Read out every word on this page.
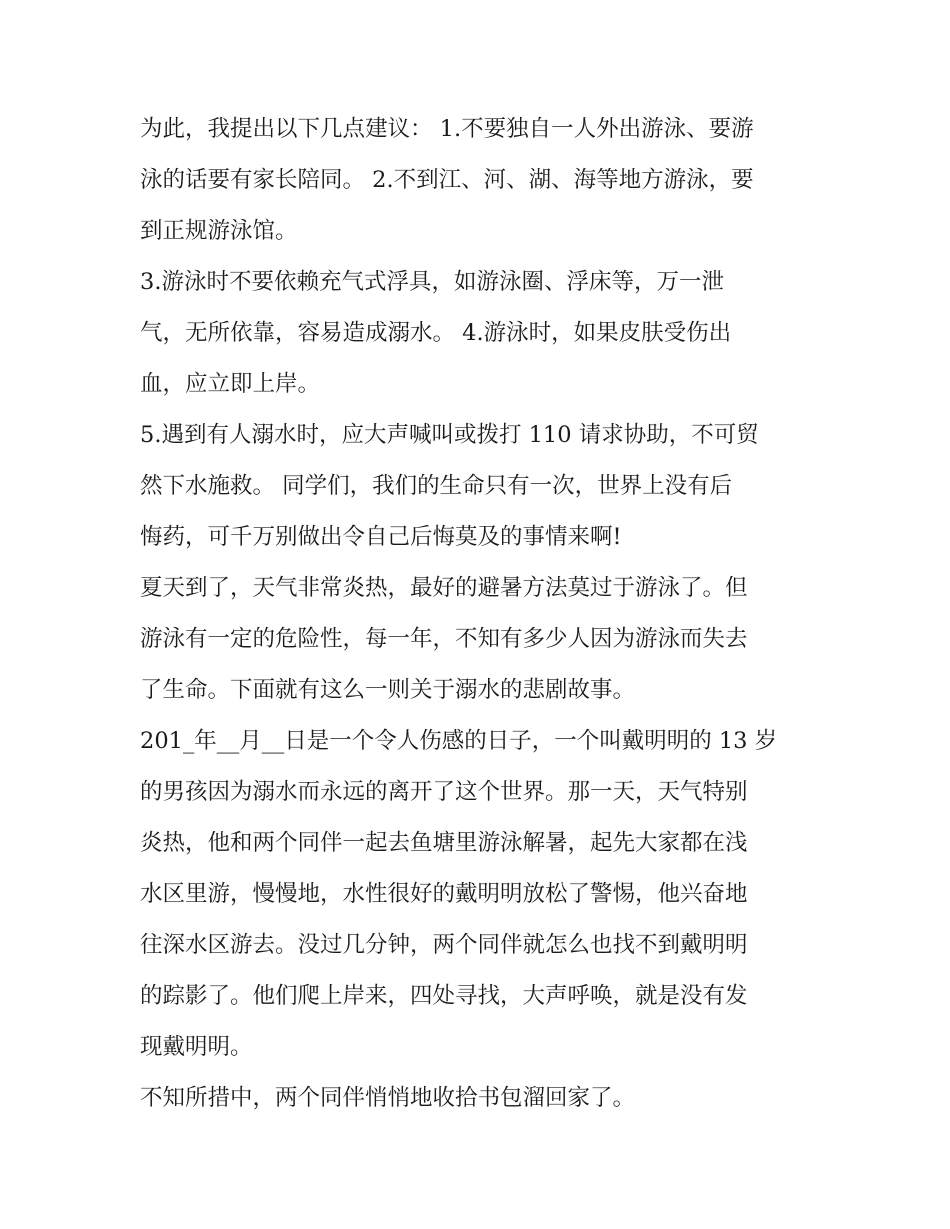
为此，我提出以下几点建议： 1.不要独自一人外出游泳、要游
泳的话要有家长陪同。 2.不到江、河、湖、海等地方游泳，要
到正规游泳馆。
3.游泳时不要依赖充气式浮具，如游泳圈、浮床等，万一泄
气，无所依靠，容易造成溺水。 4.游泳时，如果皮肤受伤出
血，应立即上岸。
5.遇到有人溺水时，应大声喊叫或拨打 110 请求协助，不可贸
然下水施救。 同学们，我们的生命只有一次，世界上没有后
悔药，可千万别做出令自己后悔莫及的事情来啊!
夏天到了，天气非常炎热，最好的避暑方法莫过于游泳了。但
游泳有一定的危险性，每一年，不知有多少人因为游泳而失去
了生命。下面就有这么一则关于溺水的悲剧故事。
201_年__月__日是一个令人伤感的日子，一个叫戴明明的 13 岁
的男孩因为溺水而永远的离开了这个世界。那一天，天气特别
炎热，他和两个同伴一起去鱼塘里游泳解暑，起先大家都在浅
水区里游，慢慢地，水性很好的戴明明放松了警惕，他兴奋地
往深水区游去。没过几分钟，两个同伴就怎么也找不到戴明明
的踪影了。他们爬上岸来，四处寻找，大声呼唤，就是没有发
现戴明明。
不知所措中，两个同伴悄悄地收拾书包溜回家了。
